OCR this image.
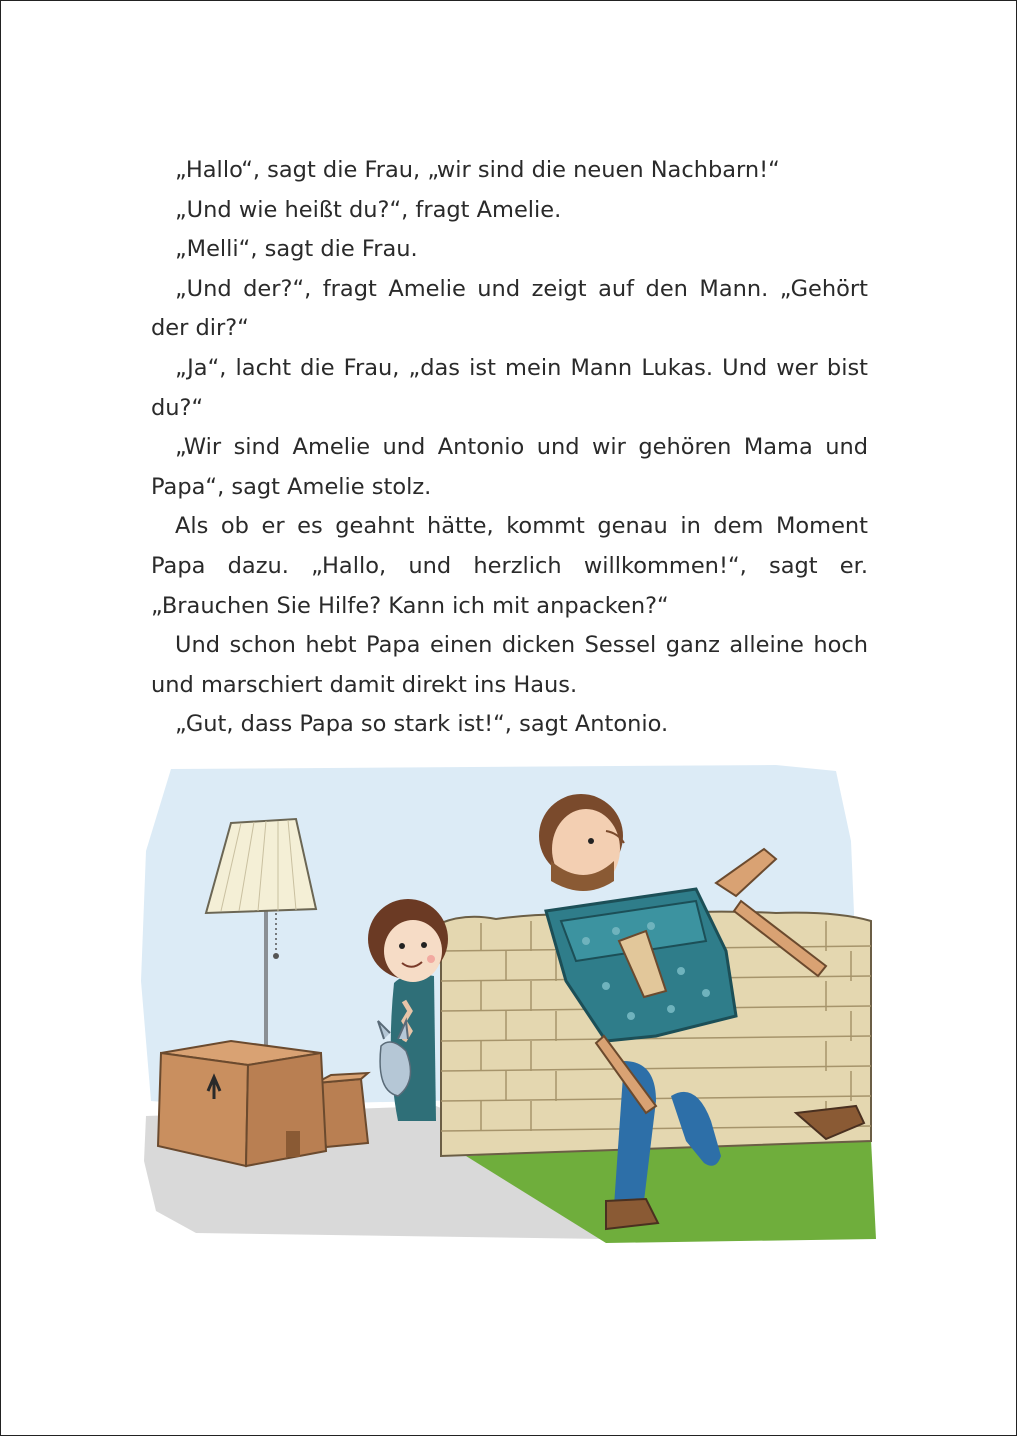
„Hallo“, sagt die Frau, „wir sind die neuen Nachbarn!“

„Und wie heißt du?“, fragt Amelie.

„Melli“, sagt die Frau.

„Und der?“, fragt Amelie und zeigt auf den Mann. „Gehört der dir?“

„Ja“, lacht die Frau, „das ist mein Mann Lukas. Und wer bist du?“

„Wir sind Amelie und Antonio und wir gehören Mama und Papa“, sagt Amelie stolz.

Als ob er es geahnt hätte, kommt genau in dem Moment Papa dazu. „Hallo, und herzlich willkommen!“, sagt er. „Brauchen Sie Hilfe? Kann ich mit anpacken?“

Und schon hebt Papa einen dicken Sessel ganz alleine hoch und marschiert damit direkt ins Haus.

„Gut, dass Papa so stark ist!“, sagt Antonio.
